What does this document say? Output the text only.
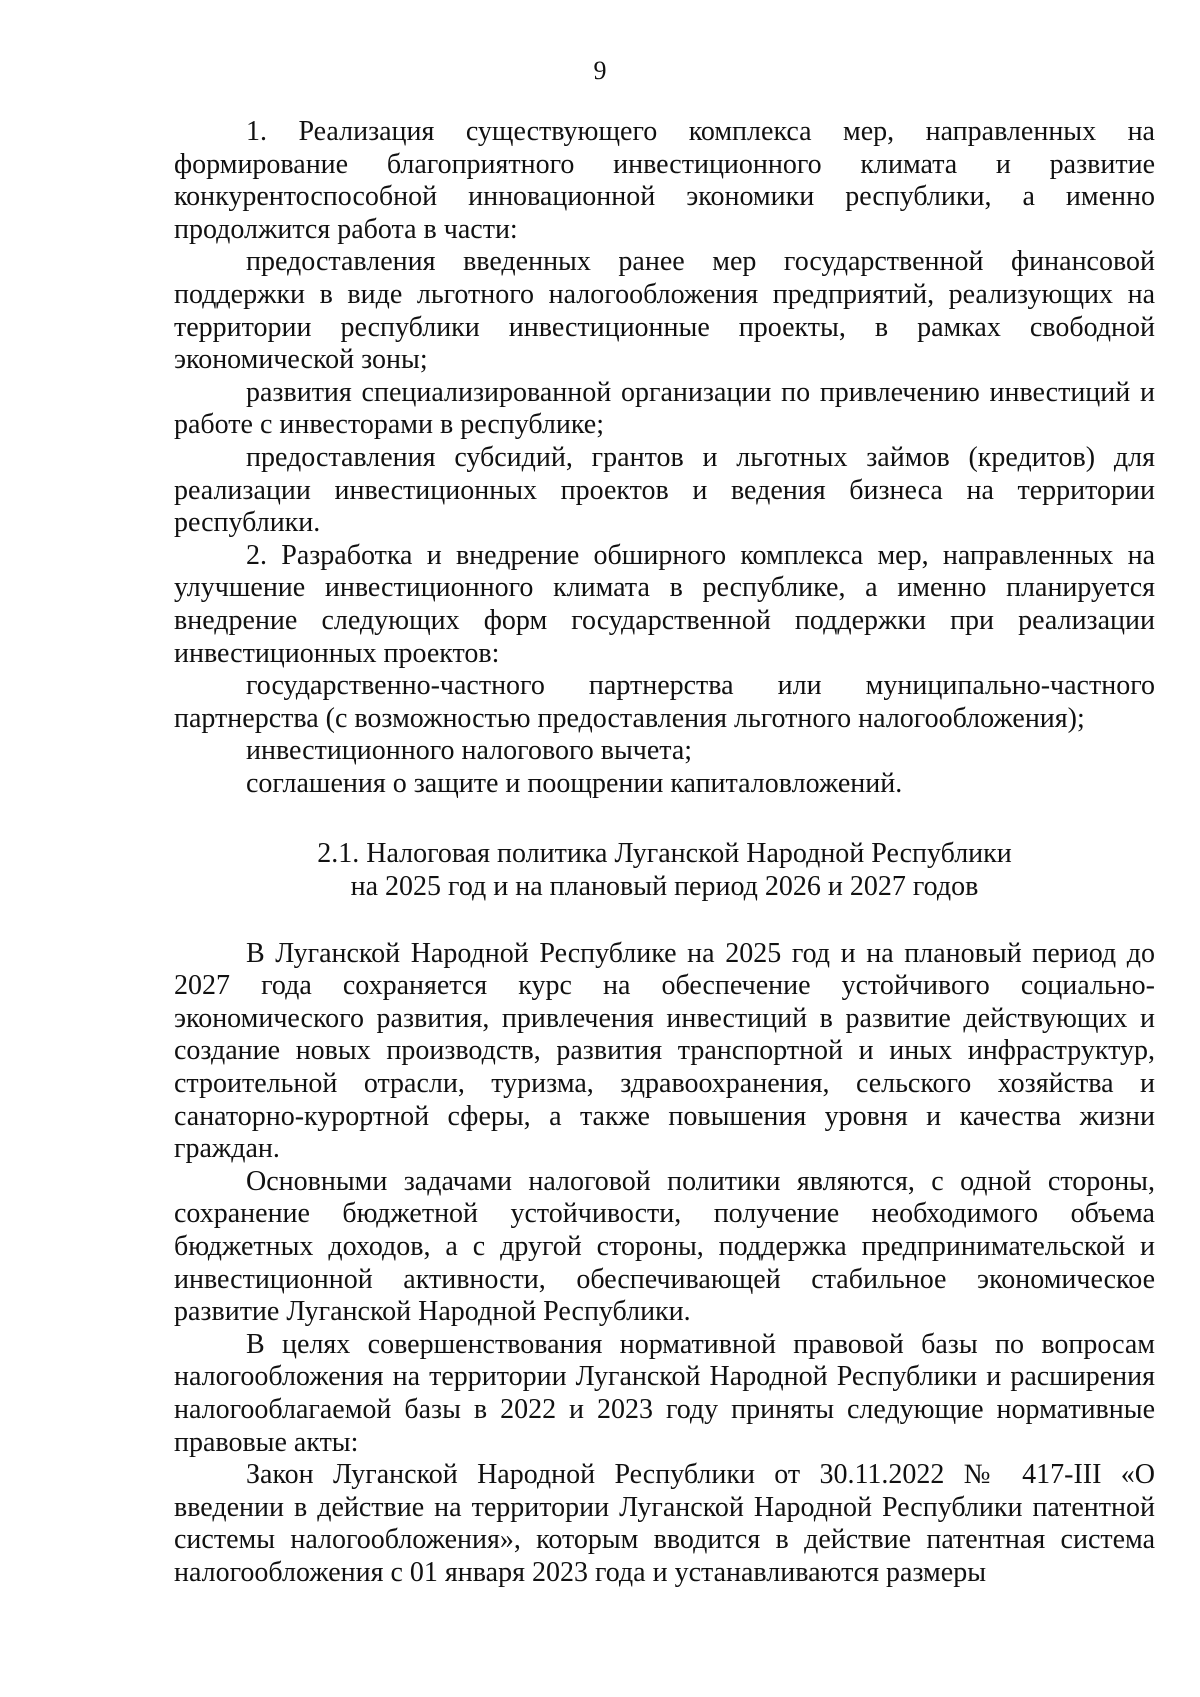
9

1. Реализация существующего комплекса мер, направленных на формирование благоприятного инвестиционного климата и развитие конкурентоспособной инновационной экономики республики, а именно продолжится работа в части:

предоставления введенных ранее мер государственной финансовой поддержки в виде льготного налогообложения предприятий, реализующих на территории республики инвестиционные проекты, в рамках свободной экономической зоны;

развития специализированной организации по привлечению инвестиций и работе с инвесторами в республике;

предоставления субсидий, грантов и льготных займов (кредитов) для реализации инвестиционных проектов и ведения бизнеса на территории республики.

2. Разработка и внедрение обширного комплекса мер, направленных на улучшение инвестиционного климата в республике, а именно планируется внедрение следующих форм государственной поддержки при реализации инвестиционных проектов:

государственно-частного партнерства или муниципально-частного партнерства (с возможностью предоставления льготного налогообложения);

инвестиционного налогового вычета;

соглашения о защите и поощрении капиталовложений.

2.1. Налоговая политика Луганской Народной Республики
на 2025 год и на плановый период 2026 и 2027 годов

В Луганской Народной Республике на 2025 год и на плановый период до 2027 года сохраняется курс на обеспечение устойчивого социально-экономического развития, привлечения инвестиций в развитие действующих и создание новых производств, развития транспортной и иных инфраструктур, строительной отрасли, туризма, здравоохранения, сельского хозяйства и санаторно-курортной сферы, а также повышения уровня и качества жизни граждан.

Основными задачами налоговой политики являются, с одной стороны, сохранение бюджетной устойчивости, получение необходимого объема бюджетных доходов, а с другой стороны, поддержка предпринимательской и инвестиционной активности, обеспечивающей стабильное экономическое развитие Луганской Народной Республики.

В целях совершенствования нормативной правовой базы по вопросам налогообложения на территории Луганской Народной Республики и расширения налогооблагаемой базы в 2022 и 2023 году приняты следующие нормативные правовые акты:

Закон Луганской Народной Республики от 30.11.2022 № 417-III «О введении в действие на территории Луганской Народной Республики патентной системы налогообложения», которым вводится в действие патентная система налогообложения с 01 января 2023 года и устанавливаются размеры
